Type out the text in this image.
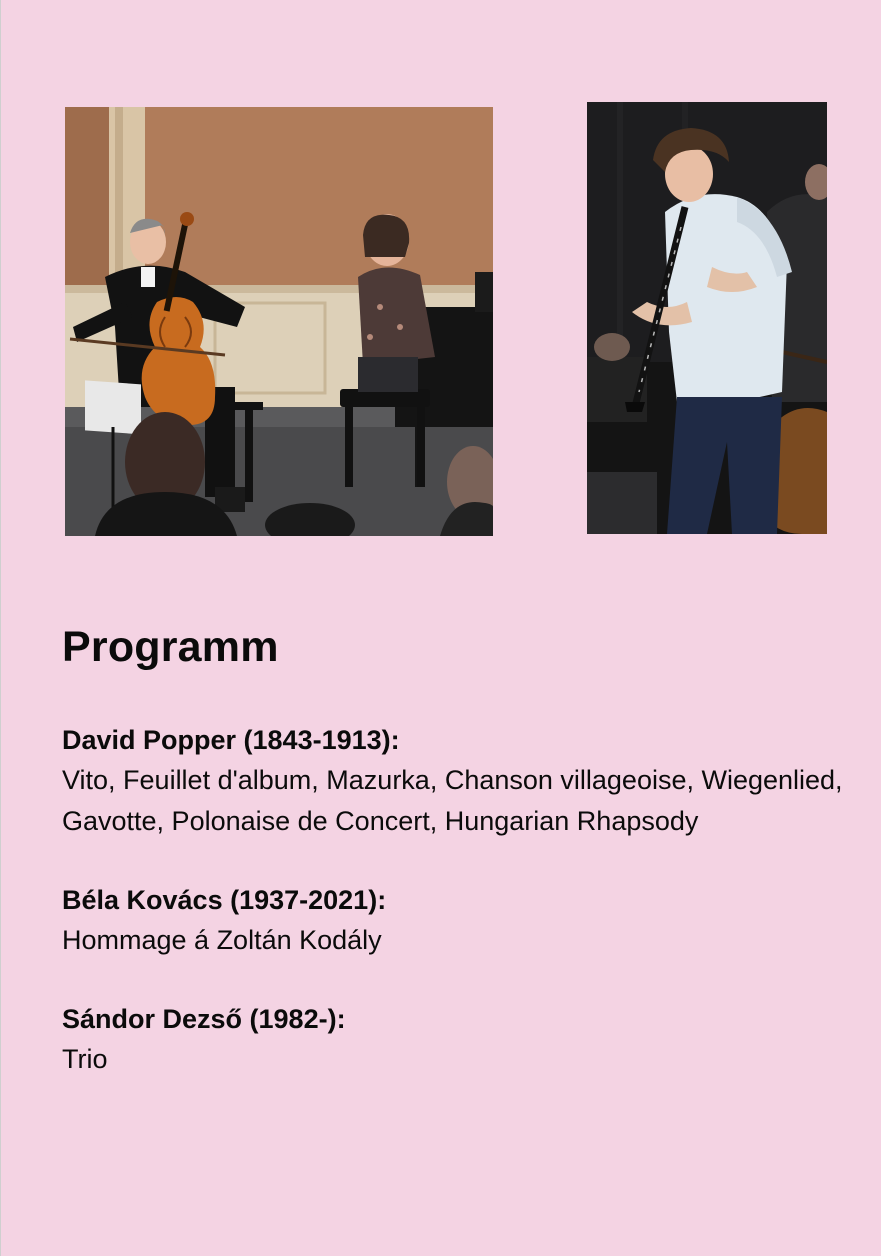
Programm
David Popper (1843-1913):
Vito, Feuillet d'album, Mazurka, Chanson villageoise, Wiegenlied, Gavotte, Polonaise de Concert, Hungarian Rhapsody
Béla Kovács (1937-2021):
Hommage á Zoltán Kodály
Sándor Dezső (1982-):
Trio
